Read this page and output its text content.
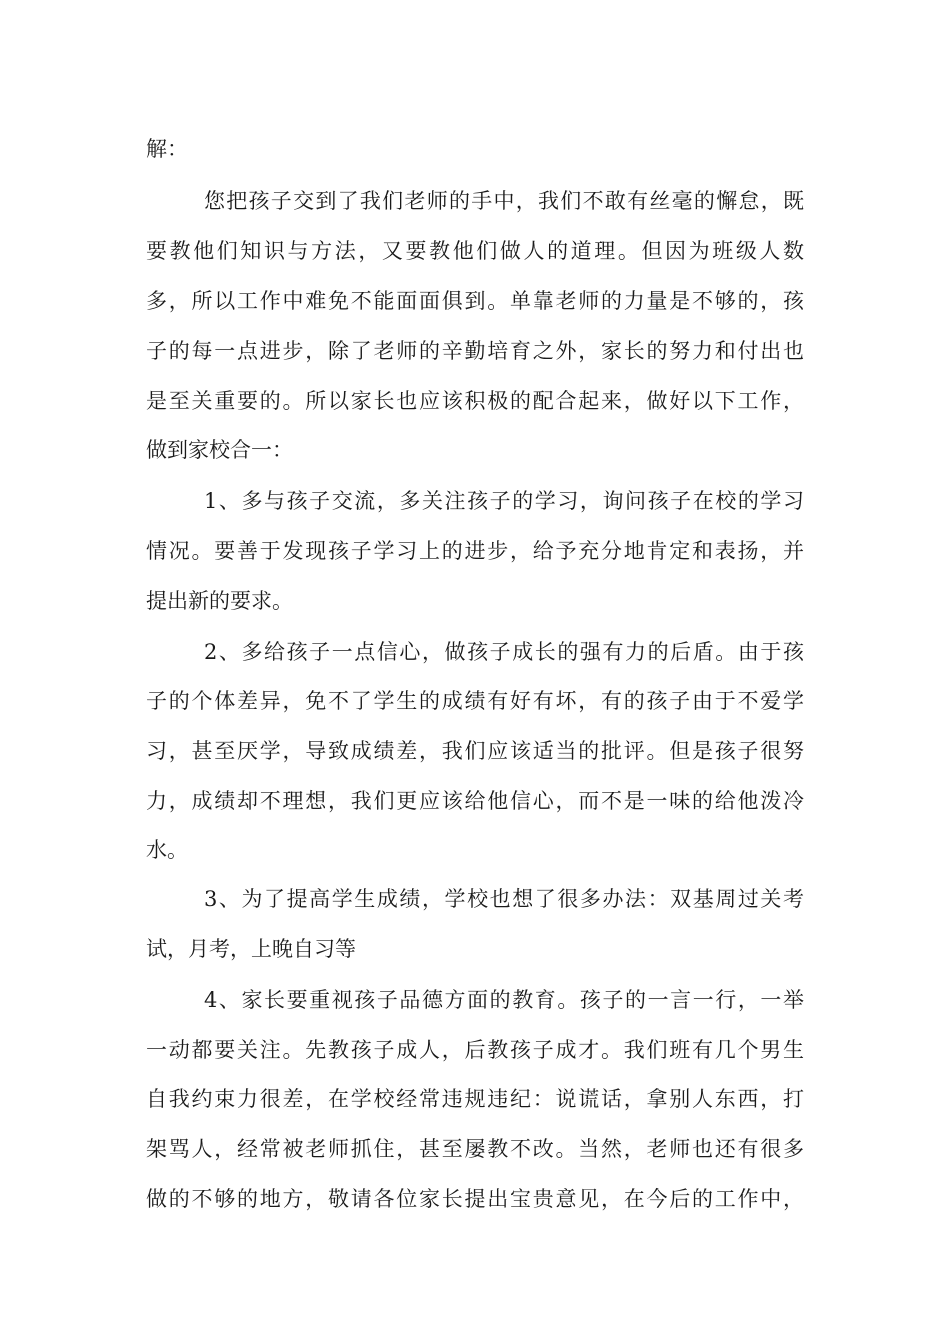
解：
您把孩子交到了我们老师的手中，我们不敢有丝毫的懈怠，既
要教他们知识与方法，又要教他们做人的道理。但因为班级人数
多，所以工作中难免不能面面俱到。单靠老师的力量是不够的，孩
子的每一点进步，除了老师的辛勤培育之外，家长的努力和付出也
是至关重要的。所以家长也应该积极的配合起来，做好以下工作，
做到家校合一：
1、多与孩子交流，多关注孩子的学习，询问孩子在校的学习
情况。要善于发现孩子学习上的进步，给予充分地肯定和表扬，并
提出新的要求。
2、多给孩子一点信心，做孩子成长的强有力的后盾。由于孩
子的个体差异，免不了学生的成绩有好有坏，有的孩子由于不爱学
习，甚至厌学，导致成绩差，我们应该适当的批评。但是孩子很努
力，成绩却不理想，我们更应该给他信心，而不是一味的给他泼冷
水。
3、为了提高学生成绩，学校也想了很多办法：双基周过关考
试，月考，上晚自习等
4、家长要重视孩子品德方面的教育。孩子的一言一行，一举
一动都要关注。先教孩子成人，后教孩子成才。我们班有几个男生
自我约束力很差，在学校经常违规违纪：说谎话，拿别人东西，打
架骂人，经常被老师抓住，甚至屡教不改。当然，老师也还有很多
做的不够的地方，敬请各位家长提出宝贵意见，在今后的工作中，
